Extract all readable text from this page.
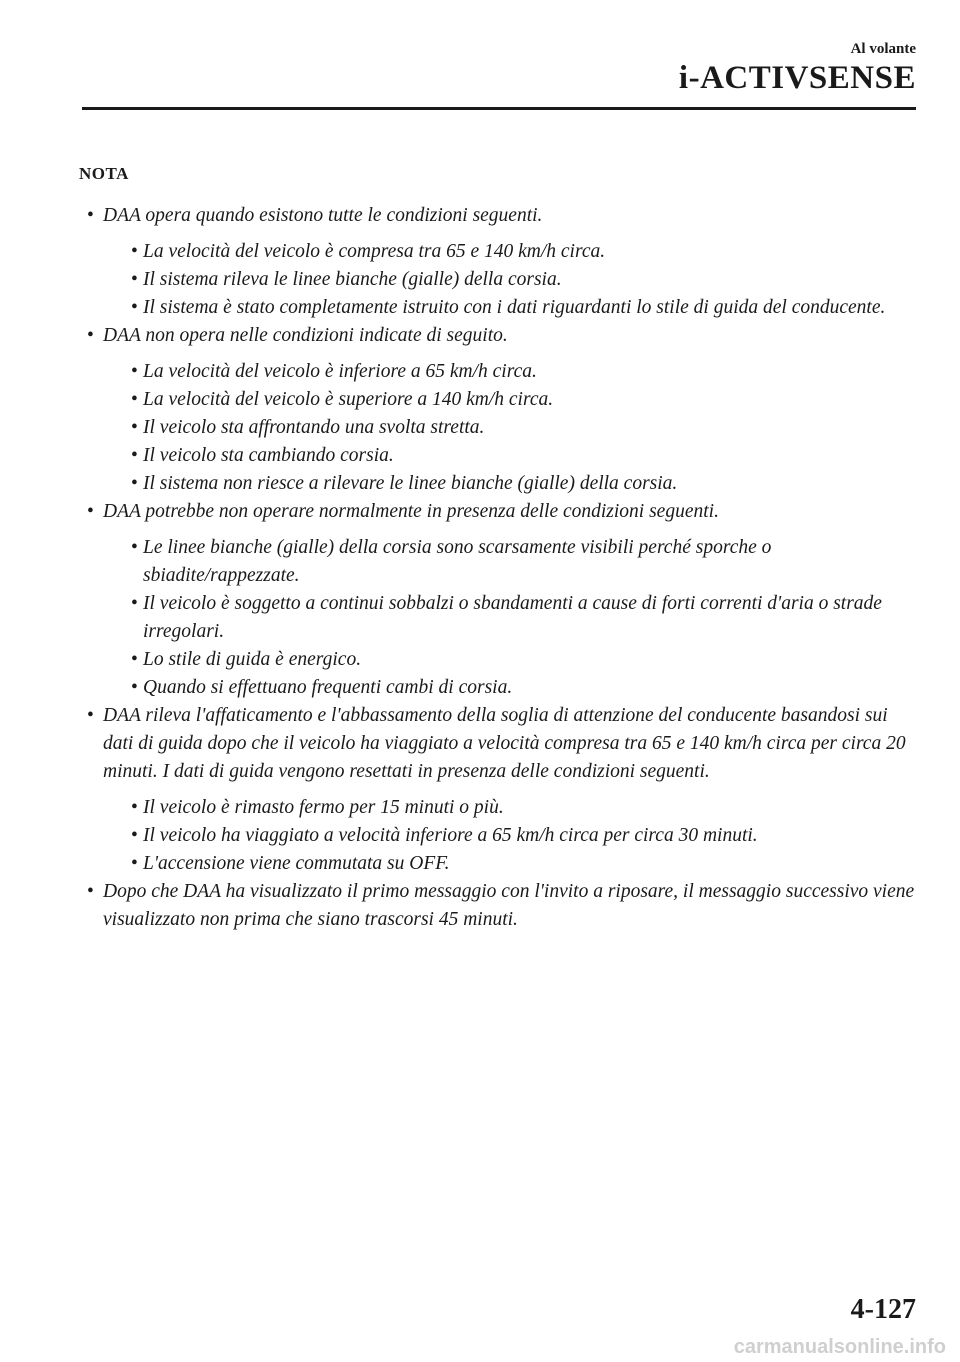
Al volante
i-ACTIVSENSE
NOTA
• DAA opera quando esistono tutte le condizioni seguenti.
• La velocità del veicolo è compresa tra 65 e 140 km/h circa.
• Il sistema rileva le linee bianche (gialle) della corsia.
• Il sistema è stato completamente istruito con i dati riguardanti lo stile di guida del conducente.
• DAA non opera nelle condizioni indicate di seguito.
• La velocità del veicolo è inferiore a 65 km/h circa.
• La velocità del veicolo è superiore a 140 km/h circa.
• Il veicolo sta affrontando una svolta stretta.
• Il veicolo sta cambiando corsia.
• Il sistema non riesce a rilevare le linee bianche (gialle) della corsia.
• DAA potrebbe non operare normalmente in presenza delle condizioni seguenti.
• Le linee bianche (gialle) della corsia sono scarsamente visibili perché sporche o sbiadite/rappezzate.
• Il veicolo è soggetto a continui sobbalzi o sbandamenti a cause di forti correnti d'aria o strade irregolari.
• Lo stile di guida è energico.
• Quando si effettuano frequenti cambi di corsia.
• DAA rileva l'affaticamento e l'abbassamento della soglia di attenzione del conducente basandosi sui dati di guida dopo che il veicolo ha viaggiato a velocità compresa tra 65 e 140 km/h circa per circa 20 minuti. I dati di guida vengono resettati in presenza delle condizioni seguenti.
• Il veicolo è rimasto fermo per 15 minuti o più.
• Il veicolo ha viaggiato a velocità inferiore a 65 km/h circa per circa 30 minuti.
• L'accensione viene commutata su OFF.
• Dopo che DAA ha visualizzato il primo messaggio con l'invito a riposare, il messaggio successivo viene visualizzato non prima che siano trascorsi 45 minuti.
4-127
carmanualsonline.info
